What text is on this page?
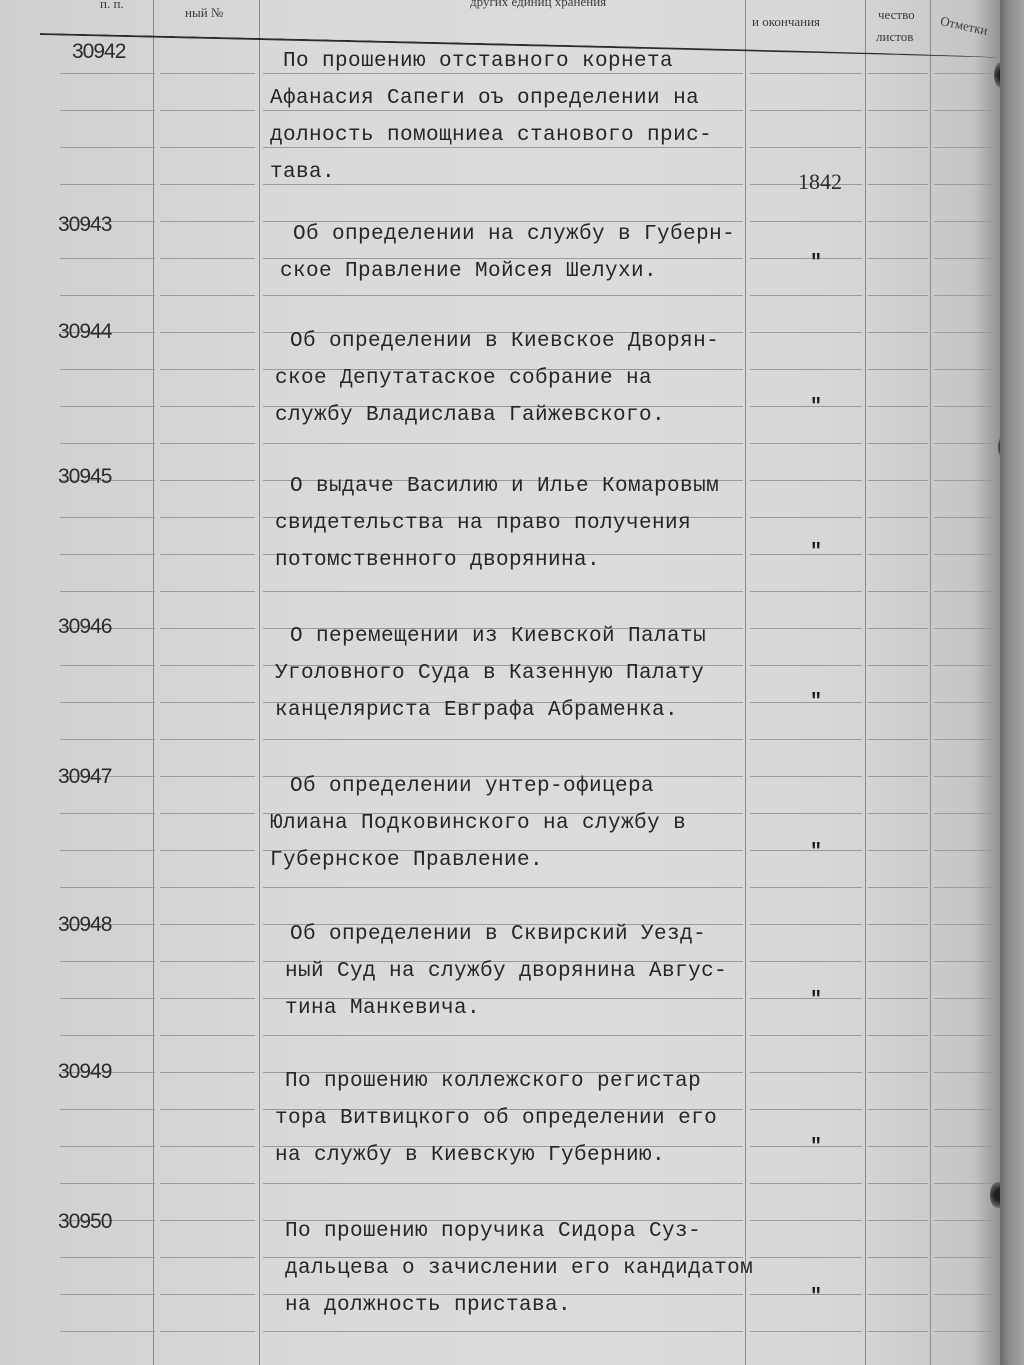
п. п.
ный №
других единиц хранения
и окончания	чество
листов Отметки
30942	По прошению отставного корнета
Афанасия Сапеги оъ определении на
долность помощниеа станового прис-
тава.	1842
30943	Об определении на службу в Губерн-
ское Правление Мойсея Шелухи.	"
30944	Об определении в Киевское Дворян-
ское Депутатаское собрание на
службу Владислава Гайжевского.	"
30945	О выдаче Василию и Ильe Комаровым
свидетельства на право получения
потомственного дворянина.	"
30946	О перемещении из Киевской Палаты
Уголовного Суда в Казенную Палату
канцеляриста Евграфа Абраменка.	"
30947	Об определении унтер-офицера
Юлиана Подковинского на службу в
Губернское Правление.	"
30948	Об определении в Сквирский Уезд-
ный Суд на службу дворянина Авгус-
тина Манкевича.	"
30949	По прошению коллежского регистар
тора Витвицкого об определении его
на службу в Киевскую Губернию.	"
30950	По прошению поручика Сидора Суз-
дальцева о зачислении его кандидатом
на должность пристава.	"
